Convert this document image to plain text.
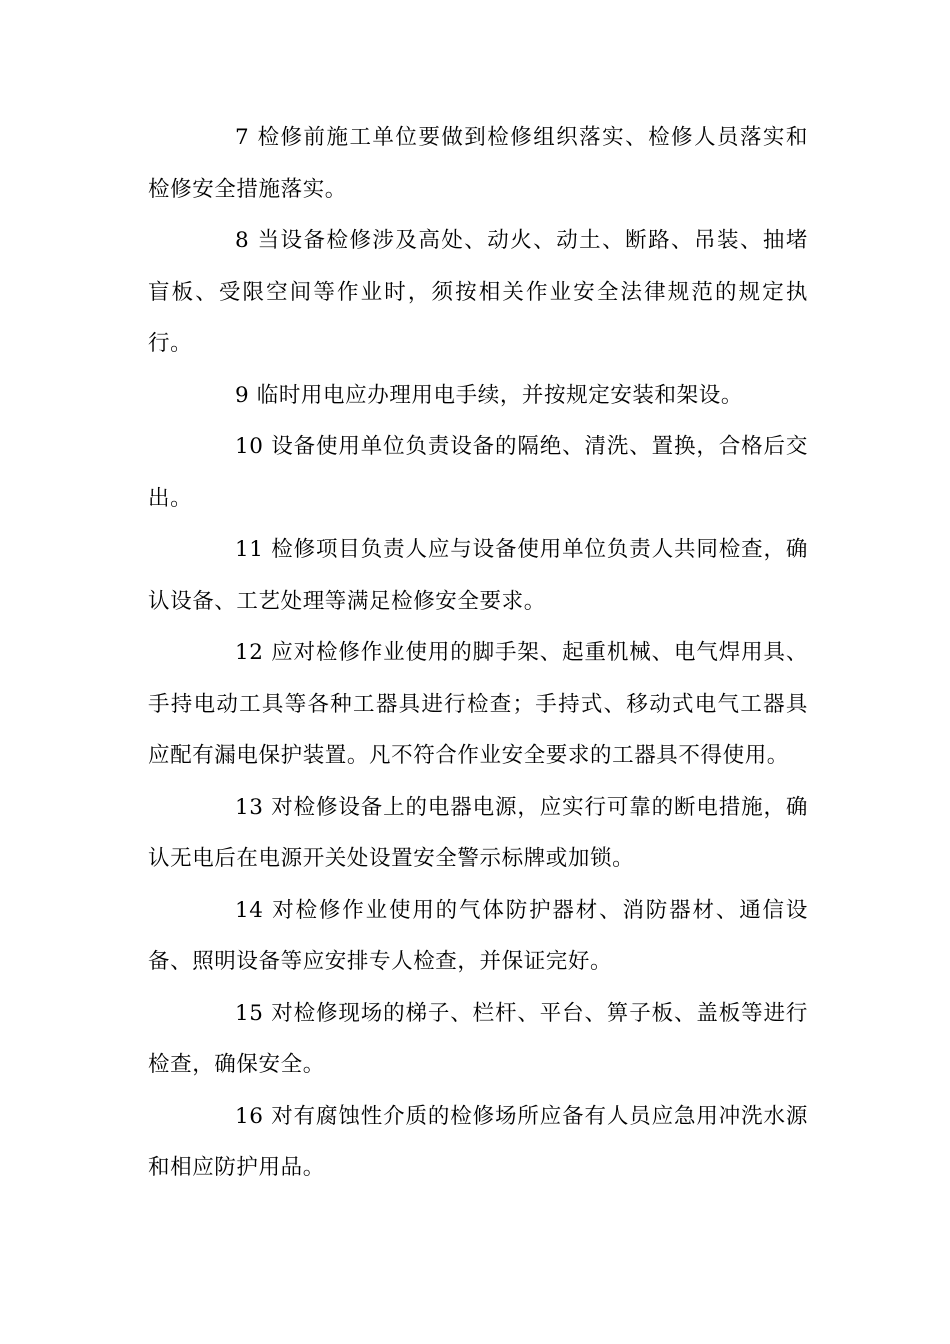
7 检修前施工单位要做到检修组织落实、检修人员落实和检修安全措施落实。

8 当设备检修涉及高处、动火、动土、断路、吊装、抽堵盲板、受限空间等作业时，须按相关作业安全法律规范的规定执行。

9 临时用电应办理用电手续，并按规定安装和架设。

10 设备使用单位负责设备的隔绝、清洗、置换，合格后交出。

11 检修项目负责人应与设备使用单位负责人共同检查，确认设备、工艺处理等满足检修安全要求。

12 应对检修作业使用的脚手架、起重机械、电气焊用具、手持电动工具等各种工器具进行检查；手持式、移动式电气工器具应配有漏电保护装置。凡不符合作业安全要求的工器具不得使用。

13 对检修设备上的电器电源，应实行可靠的断电措施，确认无电后在电源开关处设置安全警示标牌或加锁。

14 对检修作业使用的气体防护器材、消防器材、通信设备、照明设备等应安排专人检查，并保证完好。

15 对检修现场的梯子、栏杆、平台、箅子板、盖板等进行检查，确保安全。

16 对有腐蚀性介质的检修场所应备有人员应急用冲洗水源和相应防护用品。
